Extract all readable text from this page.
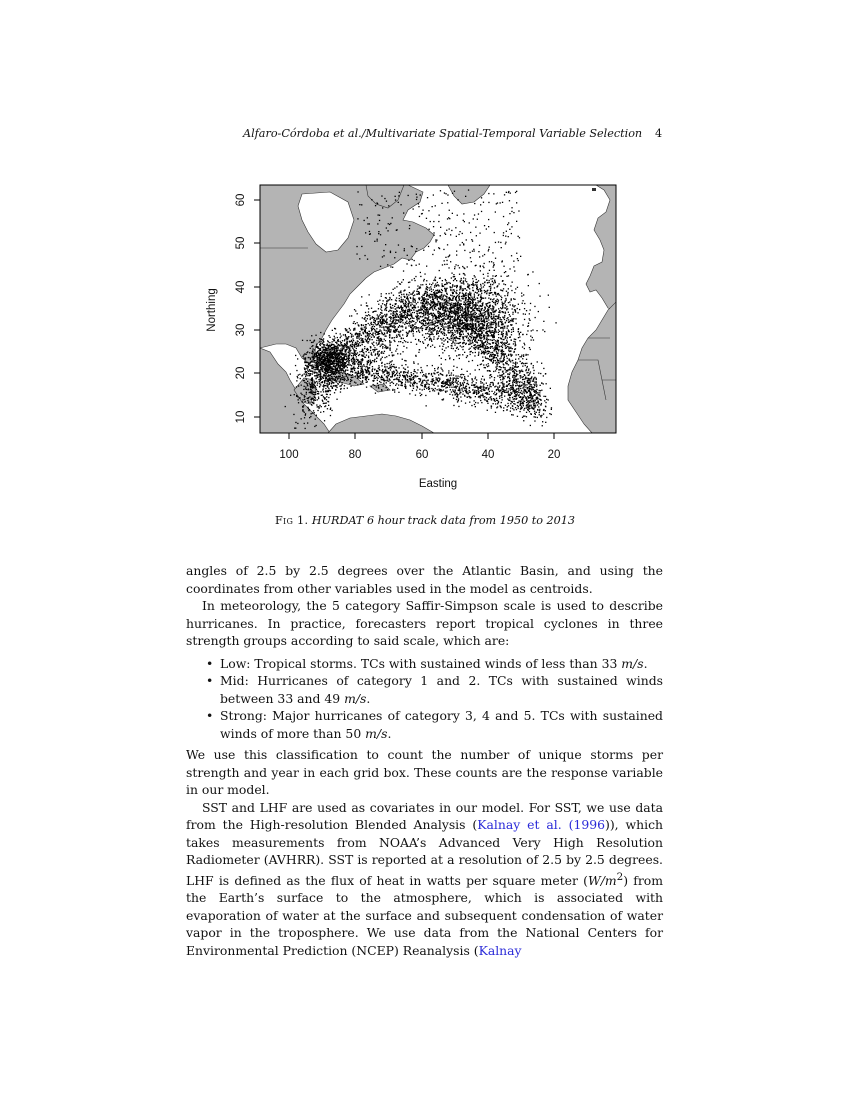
Alfaro-Córdoba et al./Multivariate Spatial-Temporal Variable Selection 4
100	80	60	40	20
Easting
10
20
30
40
50
60
Northing
Fig 1. HURDAT 6 hour track data from 1950 to 2013

angles of 2.5 by 2.5 degrees over the Atlantic Basin, and using the coordinates from other variables used in the model as centroids.

In meteorology, the 5 category Saffir-Simpson scale is used to describe hurricanes. In practice, forecasters report tropical cyclones in three strength groups according to said scale, which are:

• Low: Tropical storms. TCs with sustained winds of less than 33 m/s.
• Mid: Hurricanes of category 1 and 2. TCs with sustained winds between 33 and 49 m/s.
• Strong: Major hurricanes of category 3, 4 and 5. TCs with sustained winds of more than 50 m/s.

We use this classification to count the number of unique storms per strength and year in each grid box. These counts are the response variable in our model.

SST and LHF are used as covariates in our model. For SST, we use data from the High-resolution Blended Analysis (Kalnay et al. (1996)), which takes measurements from NOAA’s Advanced Very High Resolution Radiometer (AVHRR). SST is reported at a resolution of 2.5 by 2.5 degrees. LHF is defined as the flux of heat in watts per square meter $(W/m^2)$ from the Earth’s surface to the atmosphere, which is associated with evaporation of water at the surface and subsequent condensation of water vapor in the troposphere. We use data from the National Centers for Environmental Prediction (NCEP) Reanalysis (Kalnay
